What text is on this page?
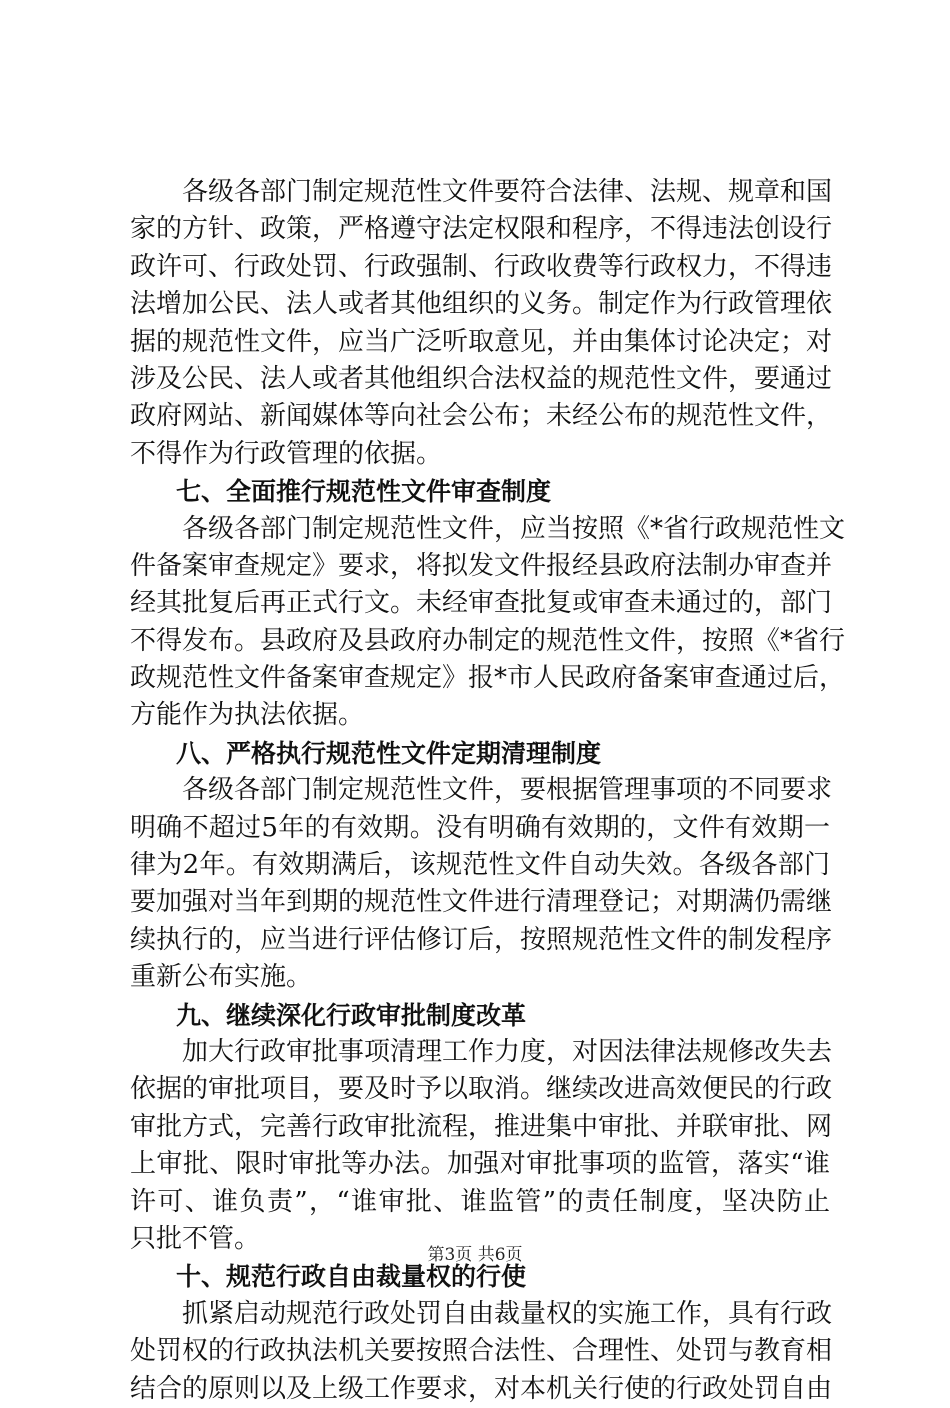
各级各部门制定规范性文件要符合法律、法规、规章和国
家的方针、政策，严格遵守法定权限和程序，不得违法创设行
政许可、行政处罚、行政强制、行政收费等行政权力，不得违
法增加公民、法人或者其他组织的义务。制定作为行政管理依
据的规范性文件，应当广泛听取意见，并由集体讨论决定；对
涉及公民、法人或者其他组织合法权益的规范性文件，要通过
政府网站、新闻媒体等向社会公布；未经公布的规范性文件，
不得作为行政管理的依据。
七、全面推行规范性文件审查制度
各级各部门制定规范性文件，应当按照《*省行政规范性文
件备案审查规定》要求，将拟发文件报经县政府法制办审查并
经其批复后再正式行文。未经审查批复或审查未通过的，部门
不得发布。县政府及县政府办制定的规范性文件，按照《*省行
政规范性文件备案审查规定》报*市人民政府备案审查通过后，
方能作为执法依据。
八、严格执行规范性文件定期清理制度
各级各部门制定规范性文件，要根据管理事项的不同要求
明确不超过5年的有效期。没有明确有效期的，文件有效期一
律为2年。有效期满后，该规范性文件自动失效。各级各部门
要加强对当年到期的规范性文件进行清理登记；对期满仍需继
续执行的，应当进行评估修订后，按照规范性文件的制发程序
重新公布实施。
九、继续深化行政审批制度改革
加大行政审批事项清理工作力度，对因法律法规修改失去
依据的审批项目，要及时予以取消。继续改进高效便民的行政
审批方式，完善行政审批流程，推进集中审批、并联审批、网
上审批、限时审批等办法。加强对审批事项的监管，落实“谁
许可、谁负责”，“谁审批、谁监管”的责任制度，坚决防止
只批不管。
十、规范行政自由裁量权的行使
抓紧启动规范行政处罚自由裁量权的实施工作，具有行政
处罚权的行政执法机关要按照合法性、合理性、处罚与教育相
结合的原则以及上级工作要求，对本机关行使的行政处罚自由
第3页 共6页
